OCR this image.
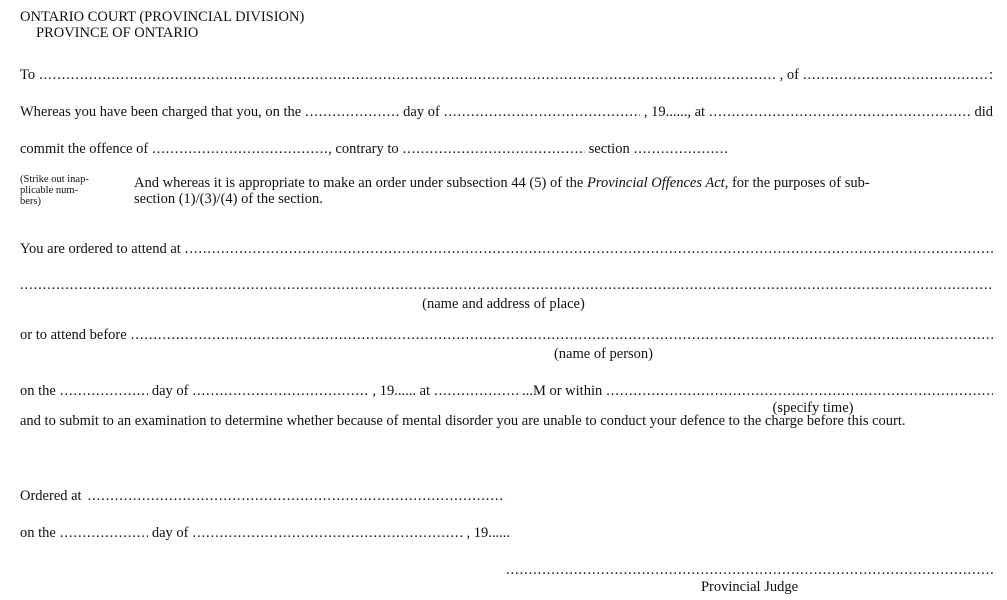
ONTARIO COURT (PROVINCIAL DIVISION)
PROVINCE OF ONTARIO
To .....	, of .....	:
Whereas you have been charged that you, on the .....	day of .....	, 19......, at .....	did
commit the offence of .....	, contrary to .....	section
.....
(Strike out inap-
plicable num-
bers)
And whereas it is appropriate to make an order under subsection 44 (5) of the Provincial Offences Act, for the purposes of sub-
section (1)/(3)/(4) of the section.
You are ordered to attend at
.....
.....
(name and address of place)
or to attend before
.....
(name of person)
on the .....	day of .....	, 19...... at .....	...M or within
.....
(specify time)
and to submit to an examination to determine whether because of mental disorder you are unable to conduct your defence to the charge before this court.
Ordered at
.....
on the .....	day of .....	, 19......
.....
Provincial Judge
